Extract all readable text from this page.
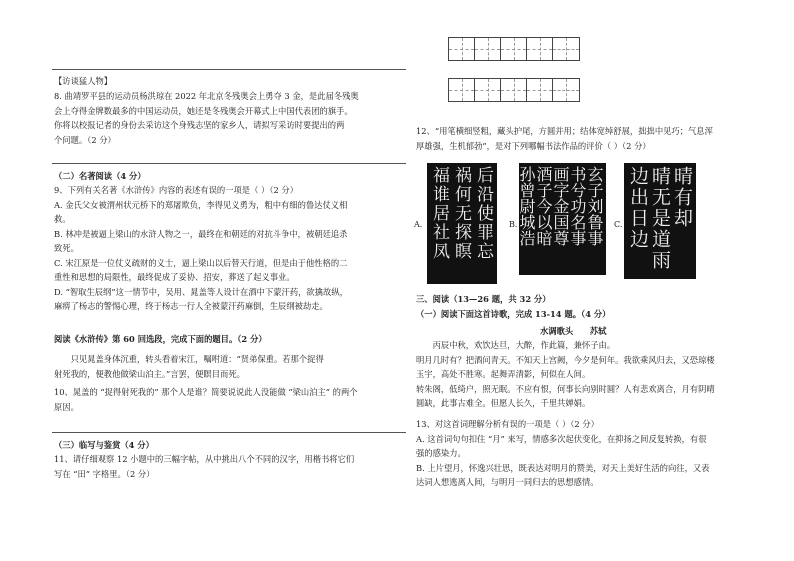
【访谈猛人物】
8. 曲靖罗平县的运动员杨洪琼在 2022 年北京冬残奥会上勇夺 3 金，是此届冬残奥
会上夺得金牌数最多的中国运动员，她还是冬残奥会开幕式上中国代表团的旗手。
你将以校报记者的身份去采访这个身残志坚的家乡人，请拟写采访时要提出的两
个问题。（2 分）
（二）名著阅读（4 分）
9、下列有关名著《水浒传》内容的表述有误的一项是（ ）（2 分）
A. 金氏父女被渭州状元桥下的郑屠欺负，李得见义勇为，粗中有细的鲁达仗义相
救。
B. 林冲是被逼上梁山的水浒人物之一，最终在和朝廷的对抗斗争中，被朝廷追杀
致死。
C. 宋江原是一位仗义疏财的义士，逼上梁山以后替天行道，但是由于他性格的二
重性和思想的局限性，最终促成了妥协、招安，葬送了起义事业。
D. “智取生辰纲”这一情节中，吴用、晁盖等人设计在酒中下蒙汗药，欲擒故纵，
麻痹了杨志的警惕心理，终于杨志一行人全被蒙汗药麻倒，生辰纲被劫走。
阅读《水浒传》第 60 回选段，完成下面的题目。（2 分）
　　只见晁盖身体沉重，转头看着宋江，嘱咐道：“贤弟保重。若那个捉得
射死我的，便教他做梁山泊主。”言罢，便瞑目而死。
10、晁盖的 “捉得射死我的” 那个人是谁？简要说说此人没能做 “梁山泊主” 的两个
原因。
（三）临写与鉴赏（4 分）
11、请仔细观察 12 小题中的三幅字帖，从中挑出八个不同的汉字，用楷书将它们
写在 “田” 字格里。（2 分）
12、“用笔横细竖粗，藏头护尾，方圆并用；结体宽绰舒展，拙拙中见巧；气息浑
厚雄强，生机郁勃”，是对下列哪幅书法作品的评价（ ）（2 分）
A.	后沿使罪忘
祸何无探瞑
福谁居社凤	B.	玄子刘鲁事
书兮功名事
画字金国尊
酒子今以暗
孙曾尉城浩	C.	晴有却
晴无是道雨
边出日边
三、阅读（13—26 题，共 32 分）
（一）阅读下面这首诗歌，完成 13-14 题。（4 分）
水调歌头　　苏轼
　　丙辰中秋，欢饮达旦，大醉，作此篇，兼怀子由。
明月几时有？把酒问青天。不知天上宫阙，今夕是何年。我欲乘风归去，又恐琼楼
玉宇，高处不胜寒。起舞弄清影，何似在人间。
转朱阁，低绮户，照无眠。不应有恨，何事长向别时圆？人有悲欢离合，月有阴晴
圆缺，此事古难全。但愿人长久，千里共婵娟。
13、对这首词理解分析有误的一项是（ ）（2 分）
A. 这首词句句扣住 “月” 来写，情感多次起伏变化，在抑扬之间反复转换，有很
强的感染力。
B. 上片望月，怀逸兴壮思，既表达对明月的赞美，对天上美好生活的向往，又表
达词人想逃离人间，与明月一同归去的思想感情。
